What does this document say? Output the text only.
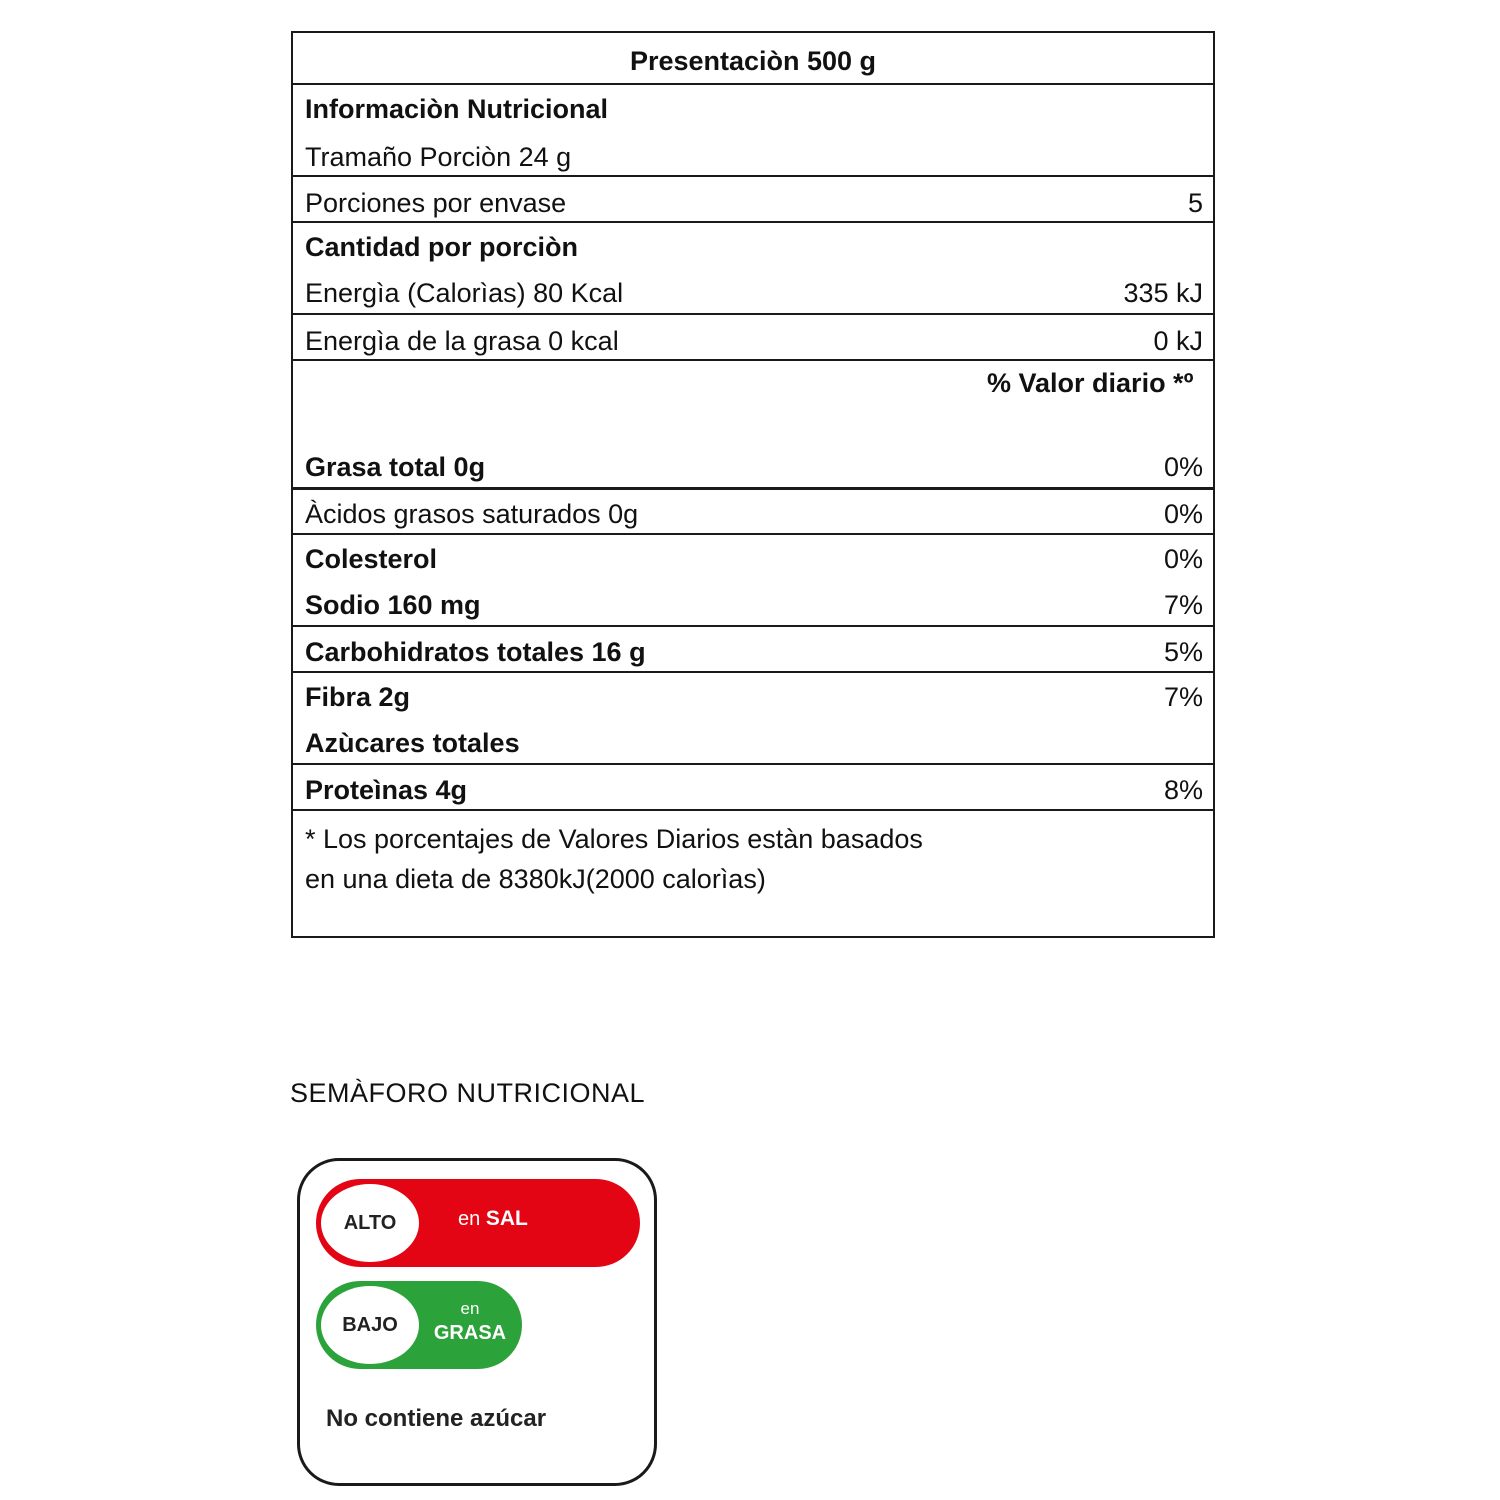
Presentaciòn 500 g
Informaciòn Nutricional
Tramaño Porciòn 24 g
Porciones por envase	5
Cantidad por porciòn
Energìa (Calorìas) 80 Kcal	335 kJ
Energìa de la grasa 0 kcal	0 kJ
% Valor diario *º
Grasa total 0g	0%
Àcidos grasos saturados 0g	0%
Colesterol	0%
Sodio 160 mg	7%
Carbohidratos totales 16 g	5%
Fibra 2g	7%
Azùcares totales
Proteìnas 4g	8%
* Los porcentajes de Valores Diarios estàn basados en una dieta de 8380kJ(2000 calorìas)
SEMÀFORO NUTRICIONAL
ALTO	en SAL
BAJO
en
GRASA
No contiene azúcar
